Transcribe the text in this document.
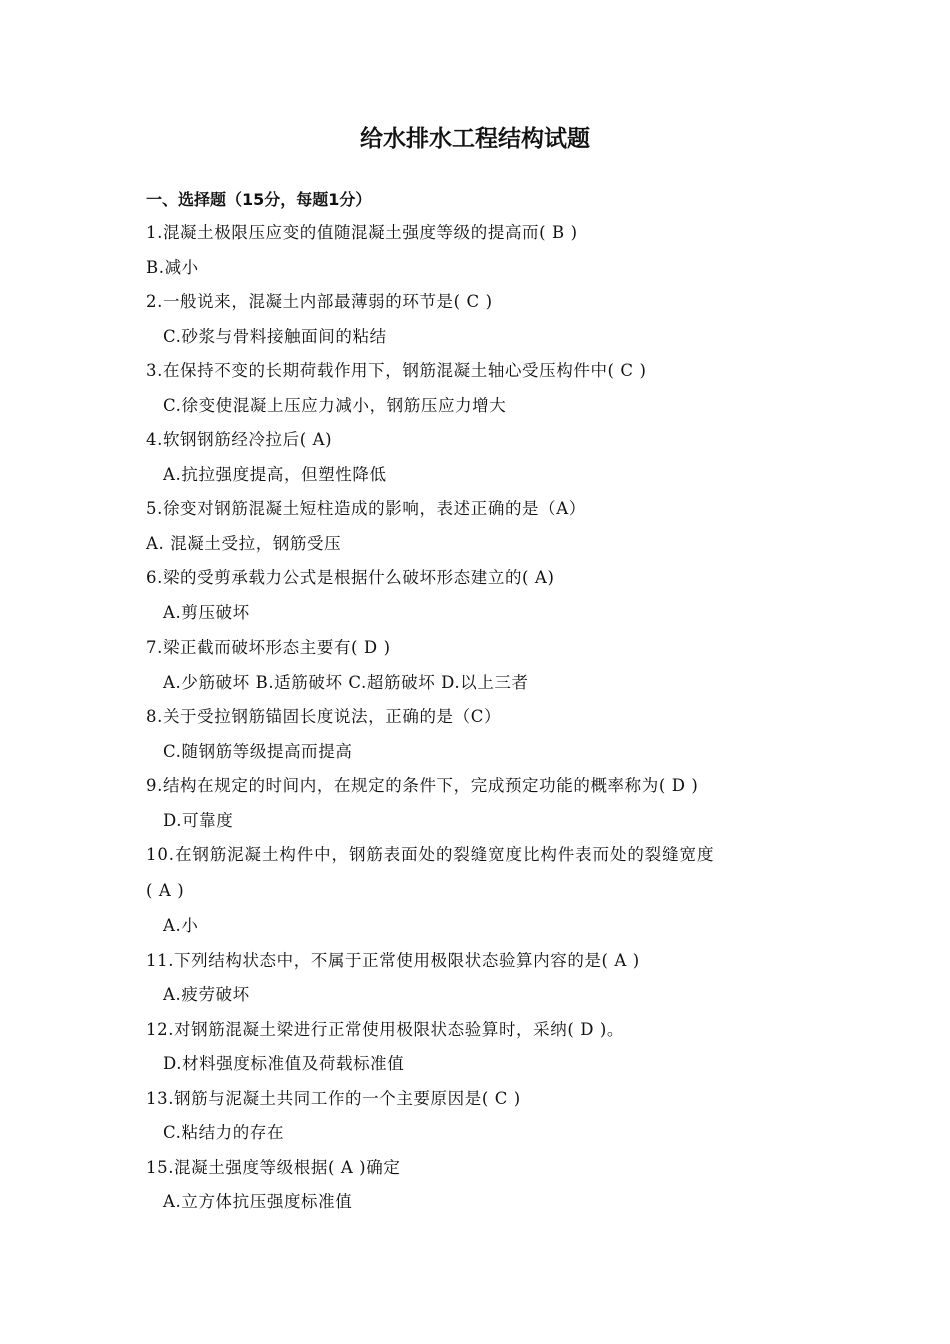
给水排水工程结构试题
一、选择题（15分，每题1分）
1.混凝土极限压应变的值随混凝土强度等级的提高而( B )
B.减小
2.一般说来，混凝土内部最薄弱的环节是( C )
C.砂浆与骨料接触面间的粘结
3.在保持不变的长期荷载作用下，钢筋混凝土轴心受压构件中( C )
C.徐变使混凝上压应力减小，钢筋压应力增大
4.软钢钢筋经冷拉后( A)
A.抗拉强度提高，但塑性降低
5.徐变对钢筋混凝土短柱造成的影响，表述正确的是（A）
A. 混凝土受拉，钢筋受压
6.梁的受剪承载力公式是根据什么破坏形态建立的( A)
A.剪压破坏
7.梁正截而破坏形态主要有( D )
A.少筋破坏 B.适筋破坏 C.超筋破坏 D.以上三者
8.关于受拉钢筋锚固长度说法，正确的是（C）
C.随钢筋等级提高而提高
9.结构在规定的时间内，在规定的条件下，完成预定功能的概率称为( D )
D.可靠度
10.在钢筋泥凝土构件中，钢筋表面处的裂缝宽度比构件表而处的裂缝宽度
( A )
A.小
11.下列结构状态中，不属于正常使用极限状态验算内容的是( A )
A.疲劳破坏
12.对钢筋混凝土梁进行正常使用极限状态验算时，采纳( D )。
D.材料强度标准值及荷载标准值
13.钢筋与泥凝土共同工作的一个主要原因是( C )
C.粘结力的存在
15.混凝土强度等级根据( A )确定
A.立方体抗压强度标准值
